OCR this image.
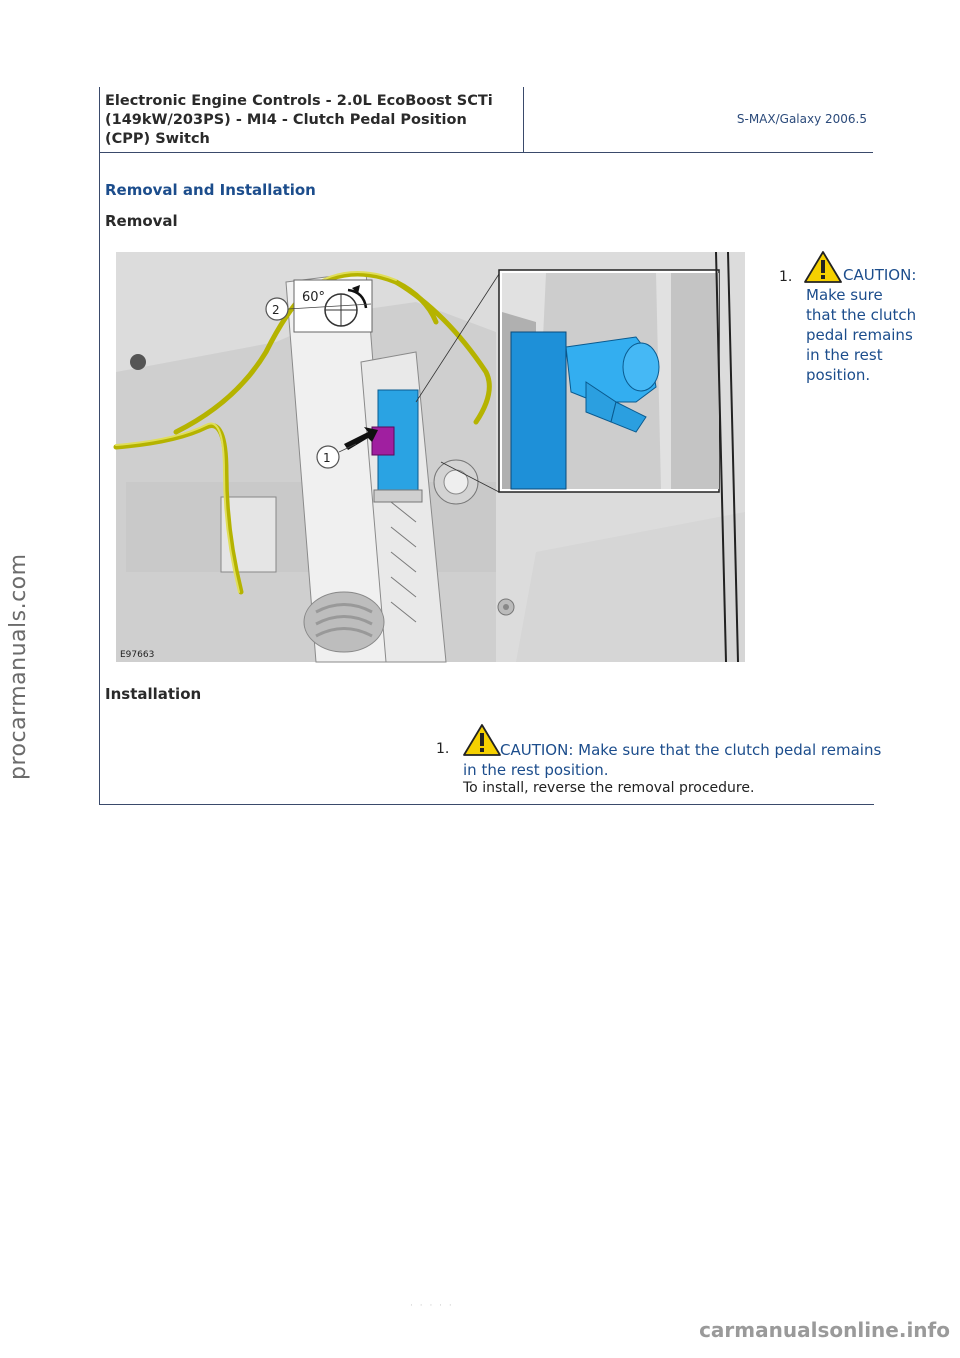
Electronic Engine Controls - 2.0L EcoBoost SCTi
(149kW/203PS) - MI4 - Clutch Pedal Position
(CPP) Switch
S-MAX/Galaxy 2006.5
Removal and Installation
Removal
60°
2
1
E97663
1.	CAUTION:
Make sure
that the clutch
pedal remains
in the rest
position.
Installation
1.	CAUTION: Make sure that the clutch pedal remains
in the rest position.
To install, reverse the removal procedure.
· · · · ·
procarmanuals.com
carmanualsonline.info
